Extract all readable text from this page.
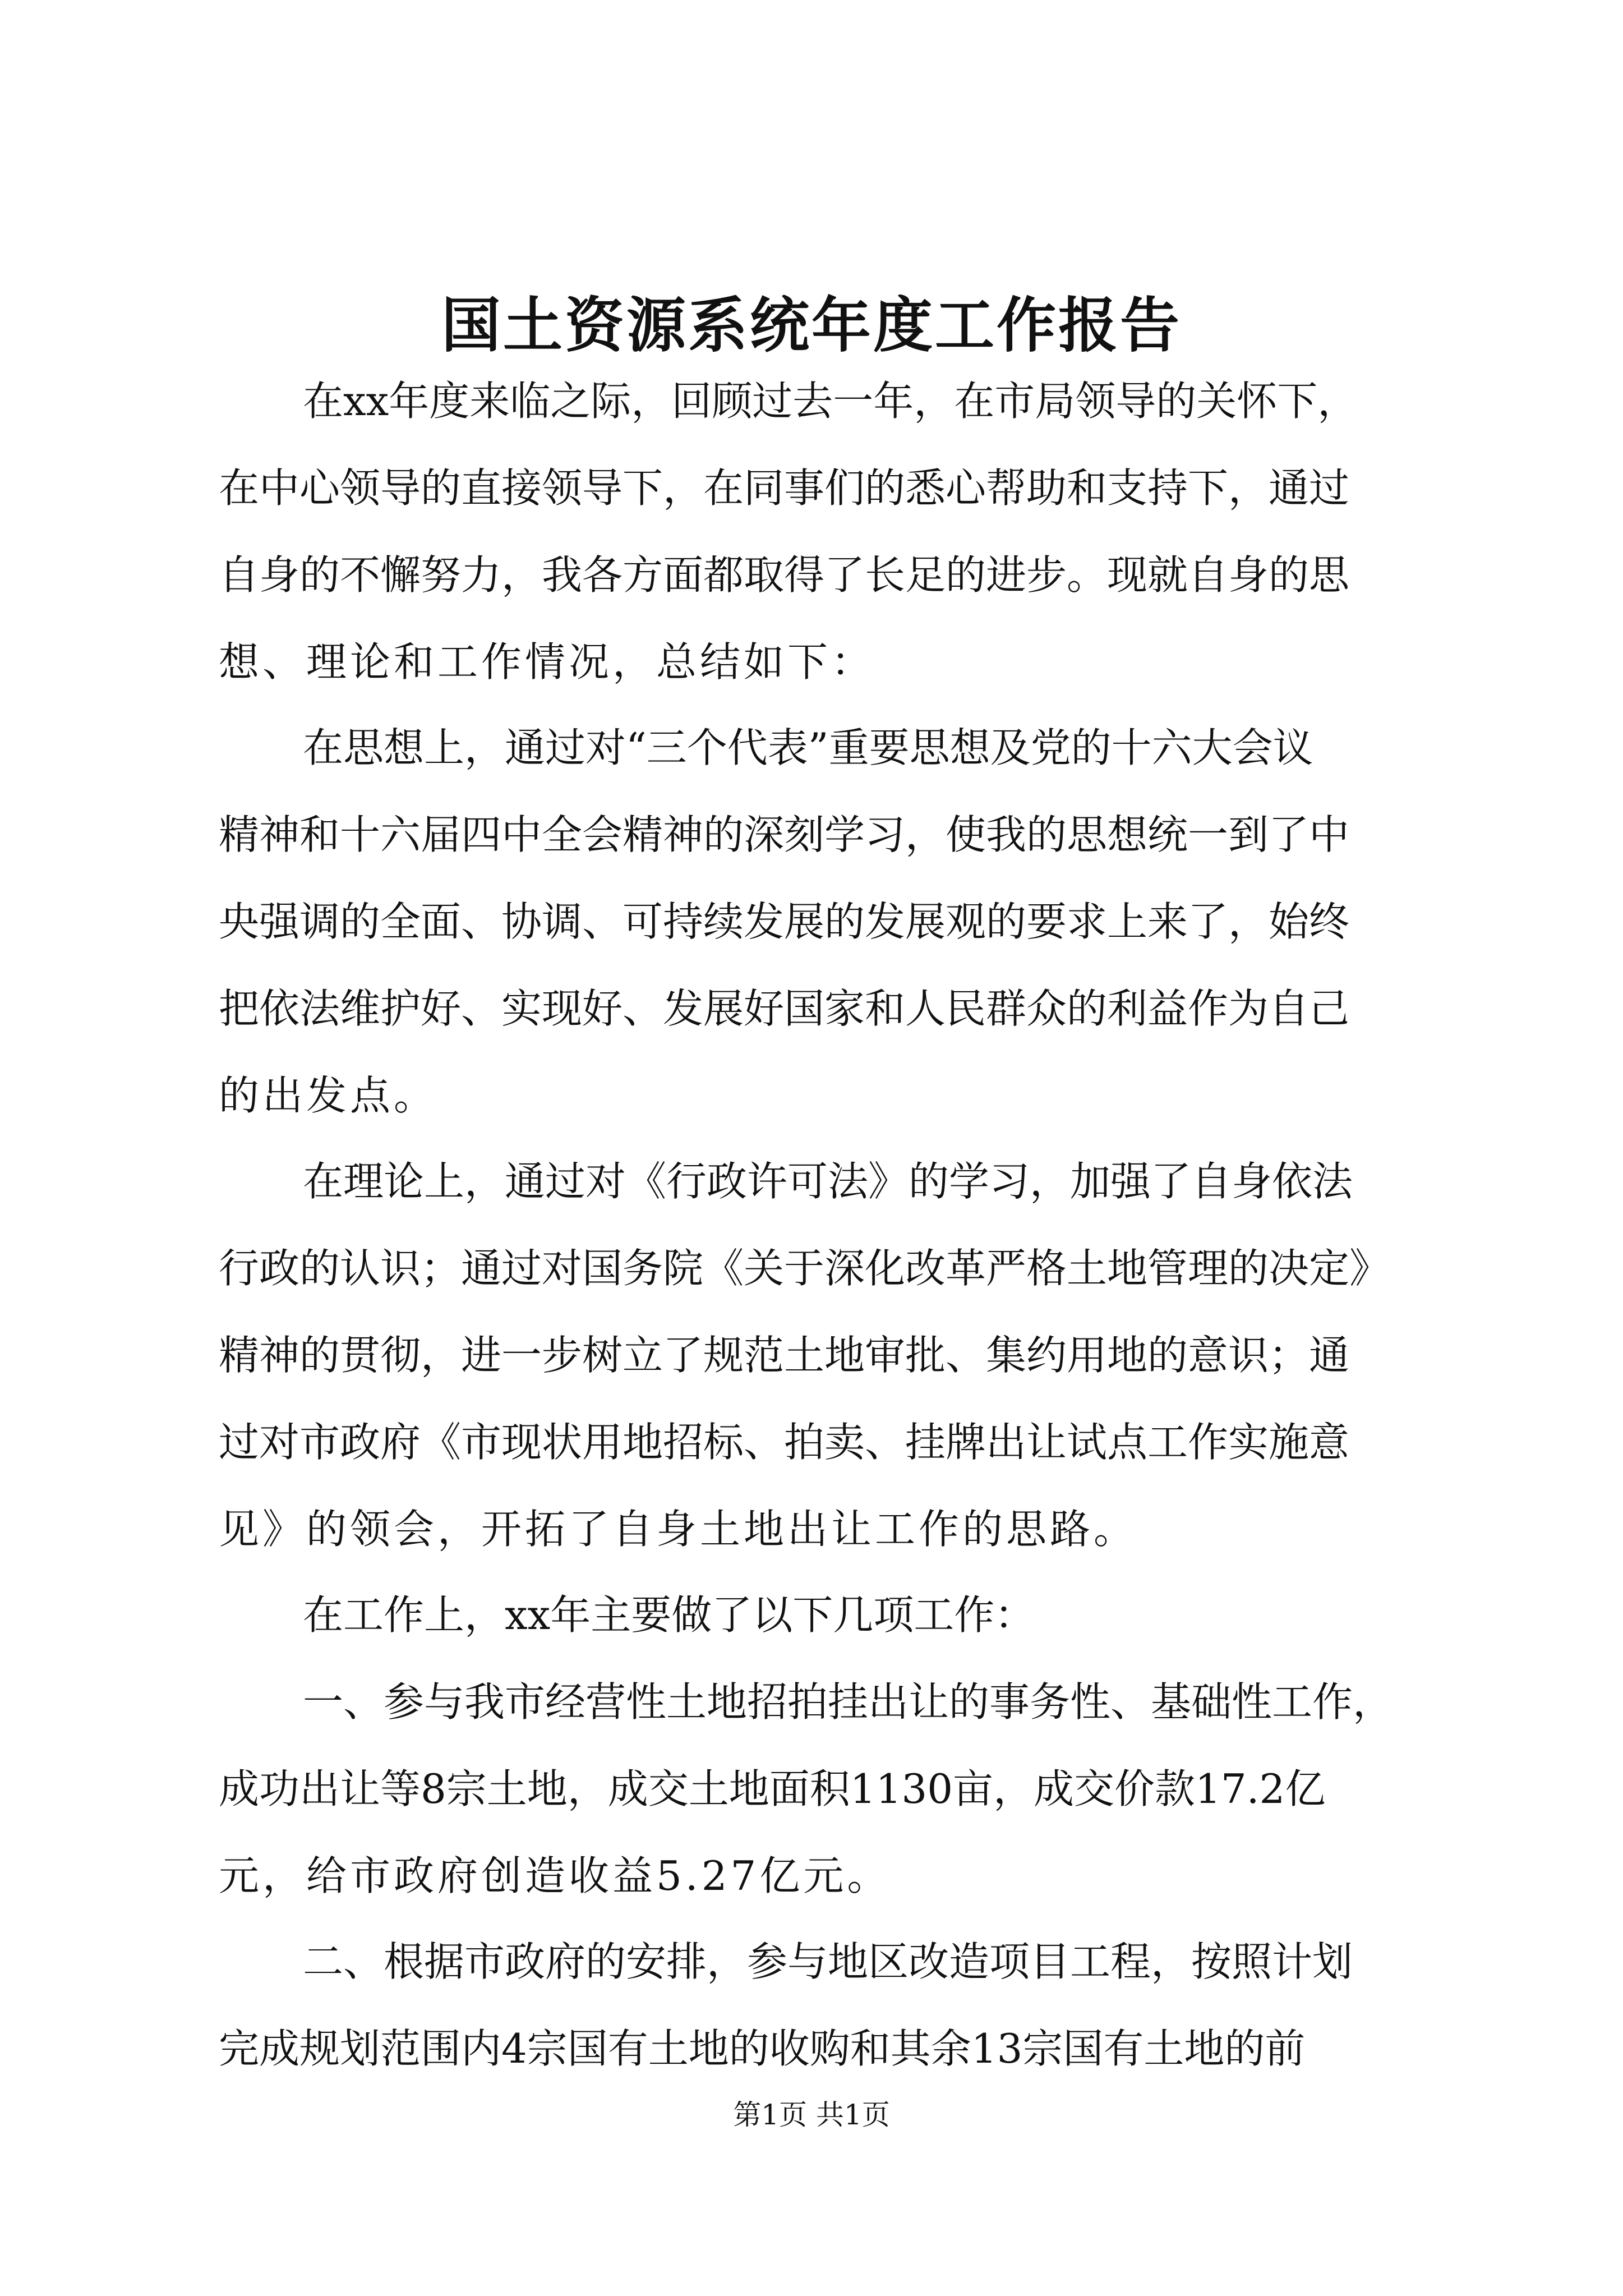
国土资源系统年度工作报告
在xx年度来临之际，回顾过去一年，在市局领导的关怀下，
在中心领导的直接领导下，在同事们的悉心帮助和支持下，通过
自身的不懈努力，我各方面都取得了长足的进步。现就自身的思
想、理论和工作情况，总结如下：
在思想上，通过对“三个代表”重要思想及党的十六大会议
精神和十六届四中全会精神的深刻学习，使我的思想统一到了中
央强调的全面、协调、可持续发展的发展观的要求上来了，始终
把依法维护好、实现好、发展好国家和人民群众的利益作为自己
的出发点。
在理论上，通过对《行政许可法》的学习，加强了自身依法
行政的认识；通过对国务院《关于深化改革严格土地管理的决定》
精神的贯彻，进一步树立了规范土地审批、集约用地的意识；通
过对市政府《市现状用地招标、拍卖、挂牌出让试点工作实施意
见》的领会，开拓了自身土地出让工作的思路。
在工作上，xx年主要做了以下几项工作：
一、参与我市经营性土地招拍挂出让的事务性、基础性工作，
成功出让等8宗土地，成交土地面积1130亩，成交价款17.2亿
元，给市政府创造收益5.27亿元。
二、根据市政府的安排，参与地区改造项目工程，按照计划
完成规划范围内4宗国有土地的收购和其余13宗国有土地的前
第1页 共1页
